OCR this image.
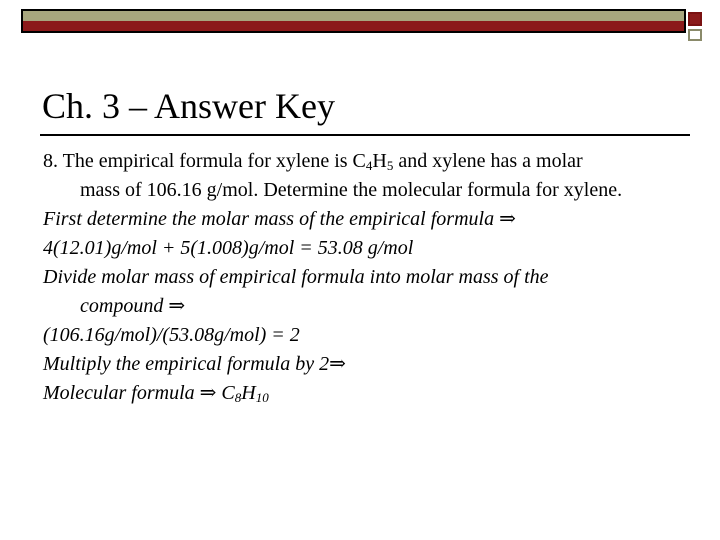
Ch. 3 – Answer Key
8. The empirical formula for xylene is $C_4H_5$ and xylene has a molar
mass of 106.16 g/mol. Determine the molecular formula for xylene.
First determine the molar mass of the empirical formula ⇒
4(12.01)g/mol + 5(1.008)g/mol = 53.08 g/mol
Divide molar mass of empirical formula into molar mass of the
compound ⇒
(106.16g/mol)/(53.08g/mol) = 2
Multiply the empirical formula by 2⇒
Molecular formula ⇒ $C_8H_{10}$
